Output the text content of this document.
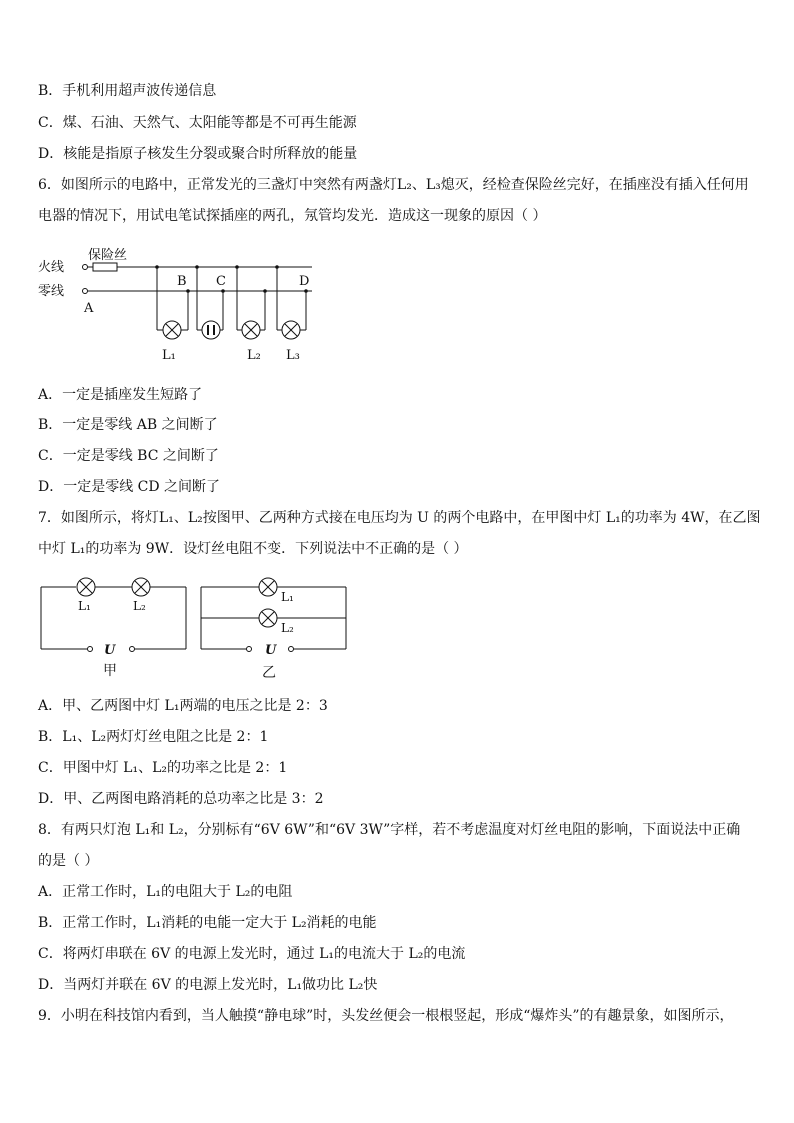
B．手机利用超声波传递信息
C．煤、石油、天然气、太阳能等都是不可再生能源
D．核能是指原子核发生分裂或聚合时所释放的能量
6．如图所示的电路中，正常发光的三盏灯中突然有两盏灯L₂、L₃熄灭，经检查保险丝完好，在插座没有插入任何用
电器的情况下，用试电笔试探插座的两孔，氖管均发光．造成这一现象的原因（ ）
火线
零线
保险丝
A
B C	D
L₁	L₂ L₃
A．一定是插座发生短路了
B．一定是零线 AB 之间断了
C．一定是零线 BC 之间断了
D．一定是零线 CD 之间断了
7．如图所示，将灯L₁、L₂按图甲、乙两种方式接在电压均为 U 的两个电路中，在甲图中灯 L₁的功率为 4W，在乙图
中灯 L₁的功率为 9W．设灯丝电阻不变．下列说法中不正确的是（ ）
L₁	L₂
U
甲
L₁
L₂
U
乙
A．甲、乙两图中灯 L₁两端的电压之比是 2：3
B．L₁、L₂两灯灯丝电阻之比是 2：1
C．甲图中灯 L₁、L₂的功率之比是 2：1
D．甲、乙两图电路消耗的总功率之比是 3：2
8．有两只灯泡 L₁和 L₂，分别标有“6V 6W”和“6V 3W”字样，若不考虑温度对灯丝电阻的影响，下面说法中正确
的是（ ）
A．正常工作时，L₁的电阻大于 L₂的电阻
B．正常工作时，L₁消耗的电能一定大于 L₂消耗的电能
C．将两灯串联在 6V 的电源上发光时，通过 L₁的电流大于 L₂的电流
D．当两灯并联在 6V 的电源上发光时，L₁做功比 L₂快
9．小明在科技馆内看到，当人触摸“静电球”时，头发丝便会一根根竖起，形成“爆炸头”的有趣景象，如图所示，
